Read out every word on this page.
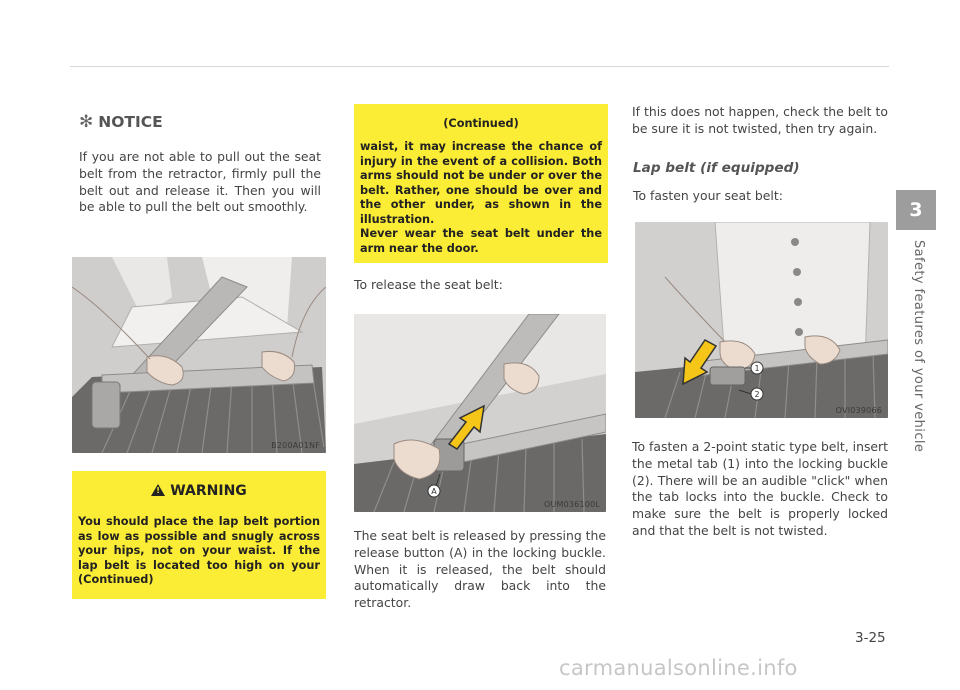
✻ NOTICE
If you are not able to pull out the seat belt from the retractor, firmly pull the belt out and release it. Then you will be able to pull the belt out smoothly.
B200A01NF
!WARNING
You should place the lap belt portion as low as possible and snugly across your hips, not on your waist. If the lap belt is located too high on your
(Continued)
(Continued)

waist, it may increase the chance of injury in the event of a collision. Both arms should not be under or over the belt. Rather, one should be over and the other under, as shown in the illustration.

Never wear the seat belt under the arm near the door.

To release the seat belt:
A
OUM036100L
The seat belt is released by pressing the release button (A) in the locking buckle. When it is released, the belt should automatically draw back into the retractor.
If this does not happen, check the belt to be sure it is not twisted, then try again.
Lap belt (if equipped)
To fasten your seat belt:
1
2
OVI039066
To fasten a 2-point static type belt, insert the metal tab (1) into the locking buckle (2). There will be an audible "click" when the tab locks into the buckle. Check to make sure the belt is properly locked and that the belt is not twisted.
3
Safety features of your vehicle
3-25
carmanualsonline.info
